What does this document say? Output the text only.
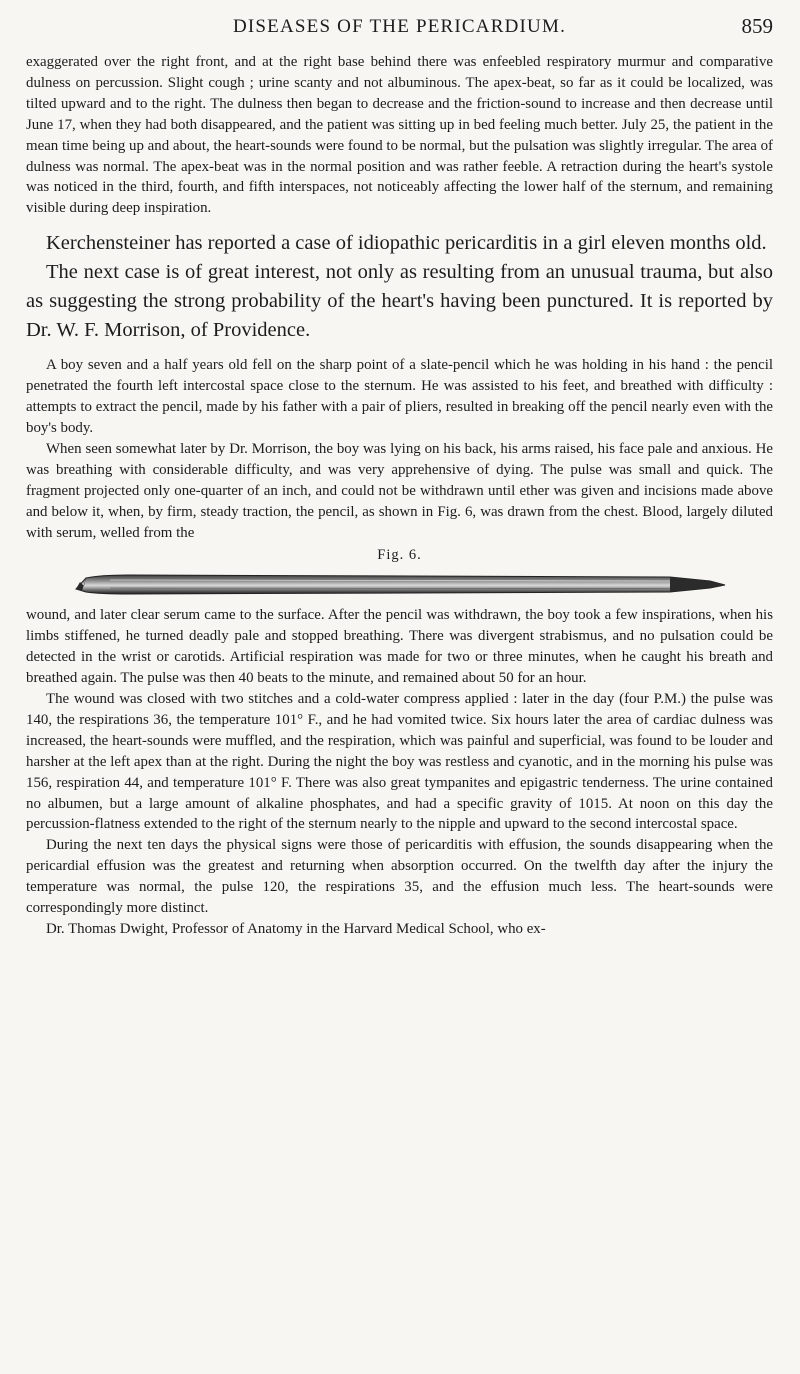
DISEASES OF THE PERICARDIUM.	859

exaggerated over the right front, and at the right base behind there was enfeebled respiratory murmur and comparative dulness on percussion. Slight cough ; urine scanty and not albuminous. The apex-beat, so far as it could be localized, was tilted upward and to the right. The dulness then began to decrease and the friction-sound to increase and then decrease until June 17, when they had both disappeared, and the patient was sitting up in bed feeling much better. July 25, the patient in the mean time being up and about, the heart-sounds were found to be normal, but the pulsation was slightly irregular. The area of dulness was normal. The apex-beat was in the normal position and was rather feeble. A retraction during the heart's systole was noticed in the third, fourth, and fifth interspaces, not noticeably affecting the lower half of the sternum, and remaining visible during deep inspiration.

Kerchensteiner has reported a case of idiopathic pericarditis in a girl eleven months old.

The next case is of great interest, not only as resulting from an unusual trauma, but also as suggesting the strong probability of the heart's having been punctured. It is reported by Dr. W. F. Morrison, of Providence.

A boy seven and a half years old fell on the sharp point of a slate-pencil which he was holding in his hand : the pencil penetrated the fourth left intercostal space close to the sternum. He was assisted to his feet, and breathed with difficulty : attempts to extract the pencil, made by his father with a pair of pliers, resulted in breaking off the pencil nearly even with the boy's body.

When seen somewhat later by Dr. Morrison, the boy was lying on his back, his arms raised, his face pale and anxious. He was breathing with considerable difficulty, and was very apprehensive of dying. The pulse was small and quick. The fragment projected only one-quarter of an inch, and could not be withdrawn until ether was given and incisions made above and below it, when, by firm, steady traction, the pencil, as shown in Fig. 6, was drawn from the chest. Blood, largely diluted with serum, welled from the

Fig. 6.

wound, and later clear serum came to the surface. After the pencil was withdrawn, the boy took a few inspirations, when his limbs stiffened, he turned deadly pale and stopped breathing. There was divergent strabismus, and no pulsation could be detected in the wrist or carotids. Artificial respiration was made for two or three minutes, when he caught his breath and breathed again. The pulse was then 40 beats to the minute, and remained about 50 for an hour.

The wound was closed with two stitches and a cold-water compress applied : later in the day (four P.M.) the pulse was 140, the respirations 36, the temperature 101° F., and he had vomited twice. Six hours later the area of cardiac dulness was increased, the heart-sounds were muffled, and the respiration, which was painful and superficial, was found to be louder and harsher at the left apex than at the right. During the night the boy was restless and cyanotic, and in the morning his pulse was 156, respiration 44, and temperature 101° F. There was also great tympanites and epigastric tenderness. The urine contained no albumen, but a large amount of alkaline phosphates, and had a specific gravity of 1015. At noon on this day the percussion-flatness extended to the right of the sternum nearly to the nipple and upward to the second intercostal space.

During the next ten days the physical signs were those of pericarditis with effusion, the sounds disappearing when the pericardial effusion was the greatest and returning when absorption occurred. On the twelfth day after the injury the temperature was normal, the pulse 120, the respirations 35, and the effusion much less. The heart-sounds were correspondingly more distinct.

Dr. Thomas Dwight, Professor of Anatomy in the Harvard Medical School, who ex-
